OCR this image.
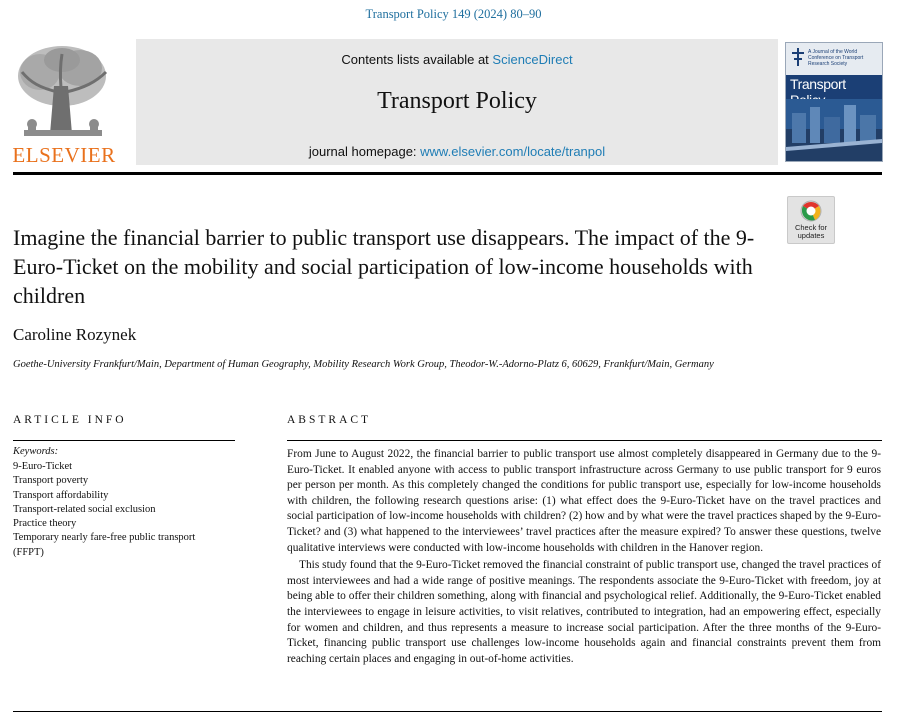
Transport Policy 149 (2024) 80–90
ELSEVIER
Contents lists available at ScienceDirect
Transport Policy
journal homepage: www.elsevier.com/locate/tranpol
A Journal of the World Conference on Transport Research Society
Transport
Check for updates
Imagine the financial barrier to public transport use disappears. The impact of the 9-Euro-Ticket on the mobility and social participation of low-income households with children
Caroline Rozynek
Goethe-University Frankfurt/Main, Department of Human Geography, Mobility Research Work Group, Theodor-W.-Adorno-Platz 6, 60629, Frankfurt/Main, Germany
ARTICLE INFO
Keywords:
9-Euro-Ticket
Transport poverty
Transport affordability
Transport-related social exclusion
Practice theory
Temporary nearly fare-free public transport (FFPT)
ABSTRACT

From June to August 2022, the financial barrier to public transport use almost completely disappeared in Germany due to the 9-Euro-Ticket. It enabled anyone with access to public transport infrastructure across Germany to use public transport for 9 euros per person per month. As this completely changed the conditions for public transport use, especially for low-income households with children, the following research questions arise: (1) what effect does the 9-Euro-Ticket have on the travel practices and social participation of low-income households with children? (2) how and by what were the travel practices shaped by the 9-Euro-Ticket? and (3) what happened to the interviewees’ travel practices after the measure expired? To answer these questions, twelve qualitative interviews were conducted with low-income households with children in the Hanover region.

This study found that the 9-Euro-Ticket removed the financial constraint of public transport use, changed the travel practices of most interviewees and had a wide range of positive meanings. The respondents associate the 9-Euro-Ticket with freedom, joy at being able to offer their children something, along with financial and psychological relief. Additionally, the 9-Euro-Ticket enabled the interviewees to engage in leisure activities, to visit relatives, contributed to integration, had an empowering effect, especially for women and children, and thus represents a measure to increase social participation. After the three months of the 9-Euro-Ticket, financing public transport use challenges low-income households again and financial constraints prevent them from reaching certain places and engaging in out-of-home activities.
